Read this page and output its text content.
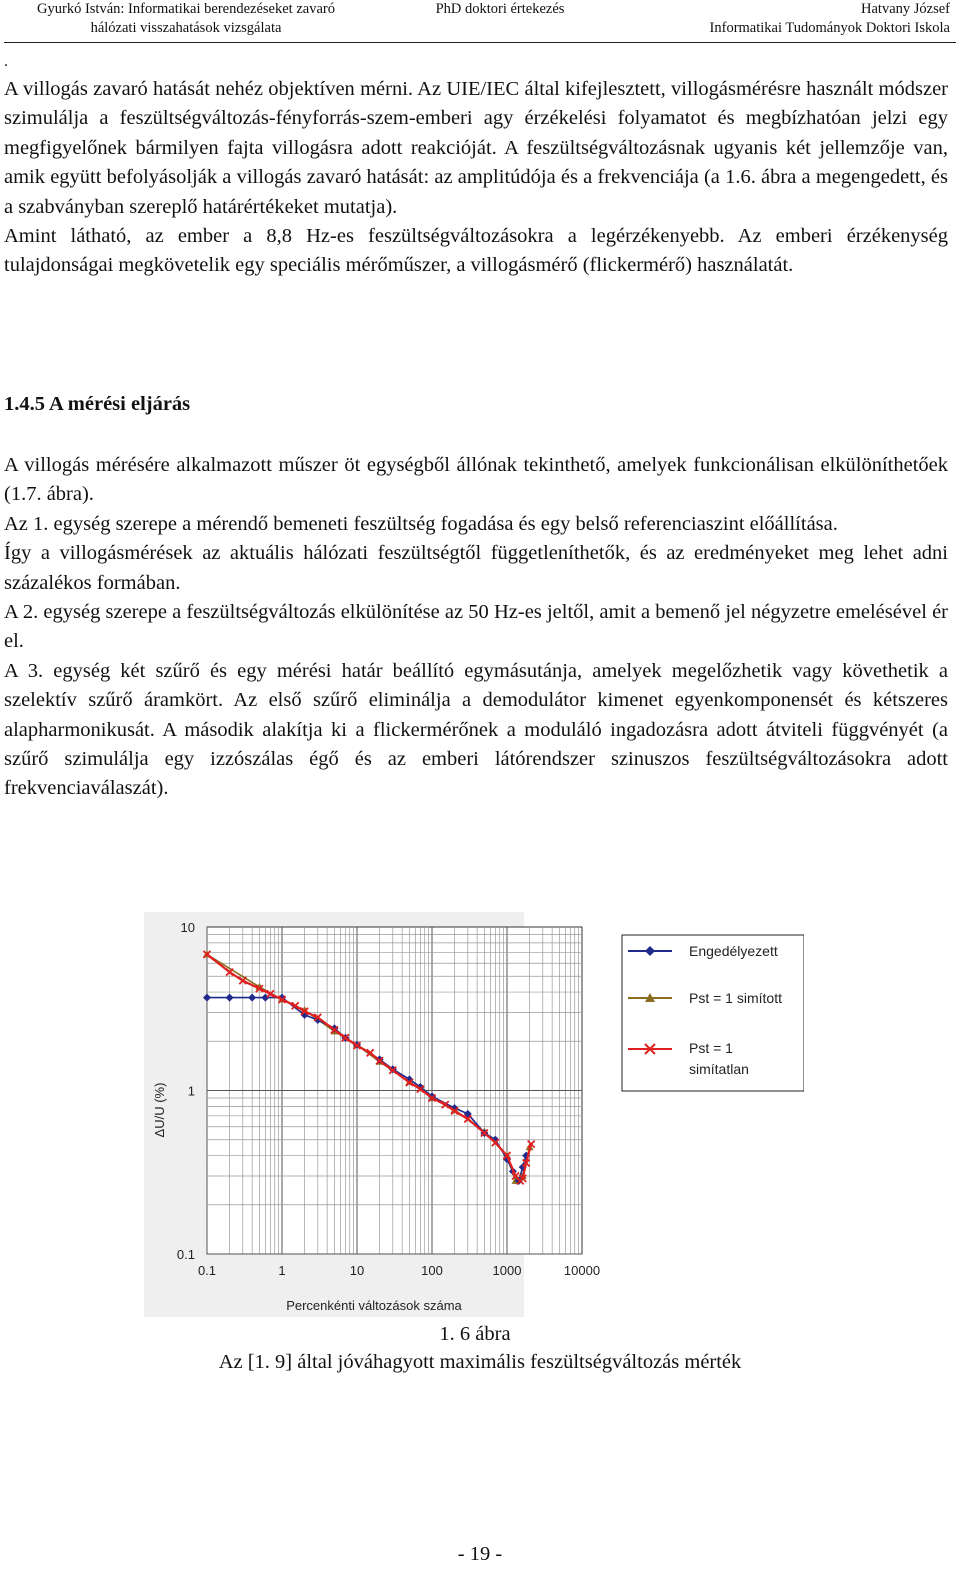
Gyurkó István: Informatikai berendezéseket zavaró
hálózati visszahatások vizsgálata
PhD doktori értekezés	Hatvany József
Informatikai Tudományok Doktori Iskola
.

A villogás zavaró hatását nehéz objektíven mérni. Az UIE/IEC által kifejlesztett, villogásmérésre használt módszer szimulálja a feszültségváltozás-fényforrás-szem-emberi agy érzékelési folyamatot és megbízhatóan jelzi egy megfigyelőnek bármilyen fajta villogásra adott reakcióját. A feszültségváltozásnak ugyanis két jellemzője van, amik együtt befolyásolják a villogás zavaró hatását: az amplitúdója és a frekvenciája (a 1.6. ábra a megengedett, és a szabványban szereplő határértékeket mutatja).

Amint látható, az ember a 8,8 Hz-es feszültségváltozásokra a legérzékenyebb. Az emberi érzékenység tulajdonságai megkövetelik egy speciális mérőműszer, a villogásmérő (flickermérő) használatát.

1.4.5 A mérési eljárás

A villogás mérésére alkalmazott műszer öt egységből állónak tekinthető, amelyek funkcionálisan elkülöníthetőek (1.7. ábra).

Az 1. egység szerepe a mérendő bemeneti feszültség fogadása és egy belső referenciaszint előállítása.

Így a villogásmérések az aktuális hálózati feszültségtől függetleníthetők, és az eredményeket meg lehet adni százalékos formában.

A 2. egység szerepe a feszültségváltozás elkülönítése az 50 Hz-es jeltől, amit a bemenő jel négyzetre emelésével ér el.

A 3. egység két szűrő és egy mérési határ beállító egymásutánja, amelyek megelőzhetik vagy követhetik a szelektív szűrő áramkört. Az első szűrő eliminálja a demodulátor kimenet egyenkomponensét és kétszeres alapharmonikusát. A második alakítja ki a flickermérőnek a moduláló ingadozásra adott átviteli függvényét (a szűrő szimulálja egy izzószálas égő és az emberi látórendszer szinuszos feszültségváltozásokra adott frekvenciaválaszát).

0.1	1	10	100	1000	10000
10
1
0.1
Percenkénti változások száma
ΔU/U (%)
Engedélyezett
Pst = 1 simított
Pst = 1
simítatlan
1. 6 ábra
Az [1. 9] által jóváhagyott maximális feszültségváltozás mérték
- 19 -
